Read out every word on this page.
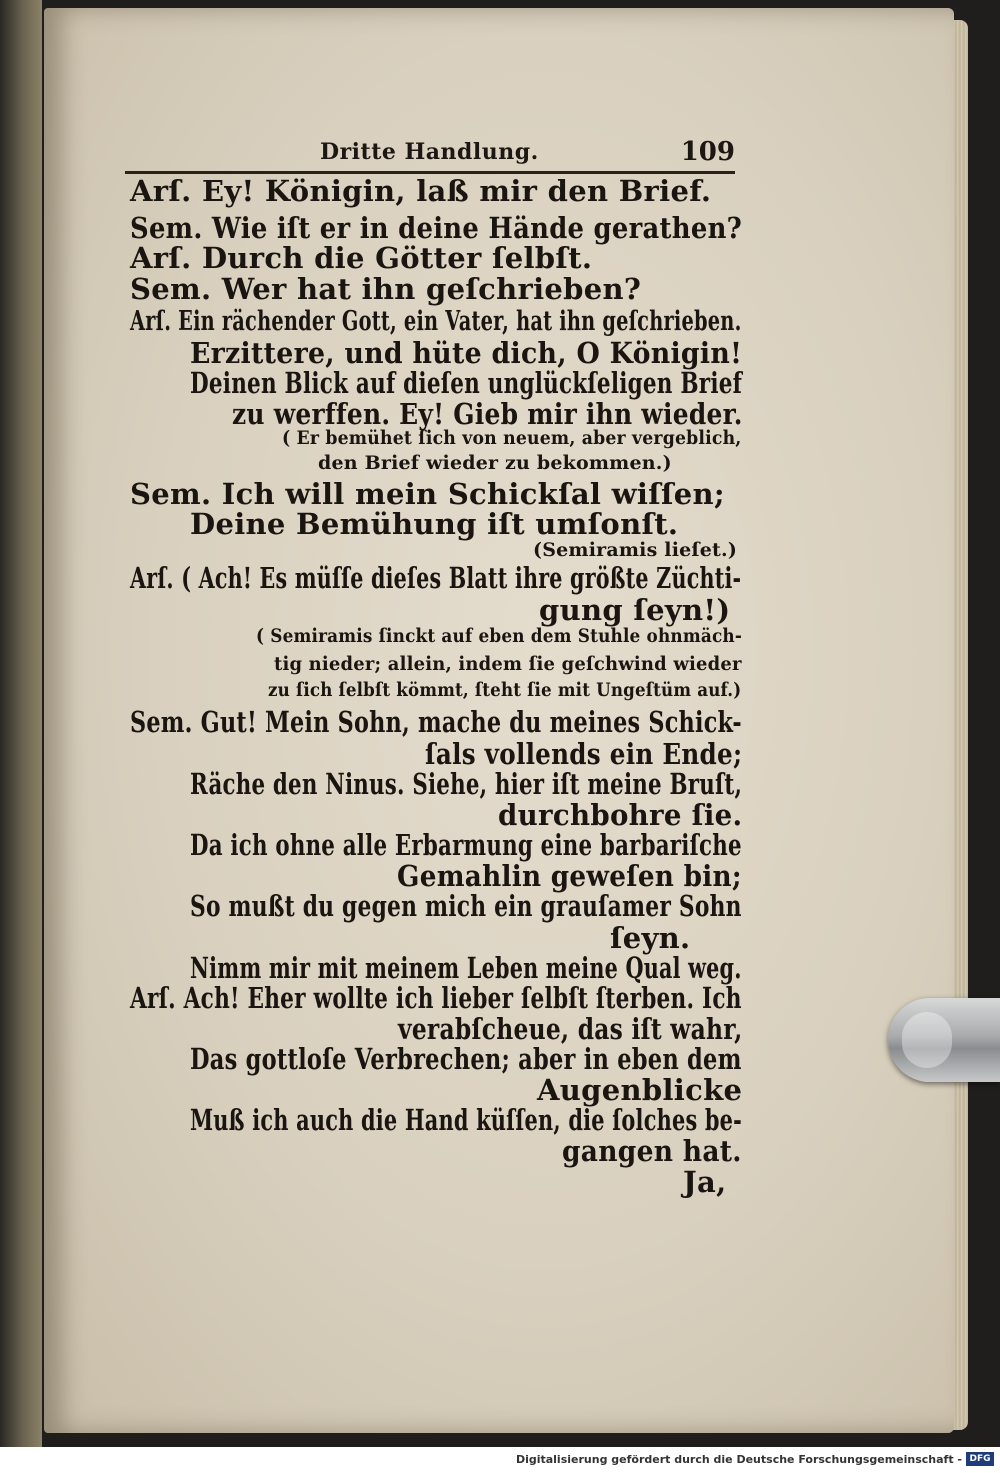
Dritte Handlung.	109
Arſ. Ey! Königin, laß mir den Brief.
Sem. Wie iſt er in deine Hände gerathen?
Arſ. Durch die Götter ſelbſt.
Sem. Wer hat ihn geſchrieben?
Arſ. Ein rächender Gott, ein Vater, hat ihn geſchrieben.
Erzittere, und hüte dich, O Königin!
Deinen Blick auf dieſen unglückſeligen Brief
zu werffen. Ey! Gieb mir ihn wieder.
( Er bemühet ſich von neuem, aber vergeblich,
den Brief wieder zu bekommen.)
Sem. Ich will mein Schickſal wiſſen;
Deine Bemühung iſt umſonſt.
(Semiramis lieſet.)
Arſ. ( Ach! Es müſſe dieſes Blatt ihre größte Züchti-
gung ſeyn!)
( Semiramis ſinckt auf eben dem Stuhle ohnmäch-
tig nieder; allein, indem ſie geſchwind wieder
zu ſich ſelbſt kömmt, ſteht ſie mit Ungeſtüm auf.)
Sem. Gut! Mein Sohn, mache du meines Schick-
ſals vollends ein Ende;
Räche den Ninus. Siehe, hier iſt meine Bruſt,
durchbohre ſie.
Da ich ohne alle Erbarmung eine barbariſche
Gemahlin geweſen bin;
So mußt du gegen mich ein grauſamer Sohn
ſeyn.
Nimm mir mit meinem Leben meine Qual weg.
Arſ. Ach! Eher wollte ich lieber ſelbſt ſterben. Ich
verabſcheue, das iſt wahr,
Das gottloſe Verbrechen; aber in eben dem
Augenblicke
Muß ich auch die Hand küſſen, die ſolches be-
gangen hat.
Ja,
Digitalisierung gefördert durch die Deutsche Forschungsgemeinschaft - DFG
